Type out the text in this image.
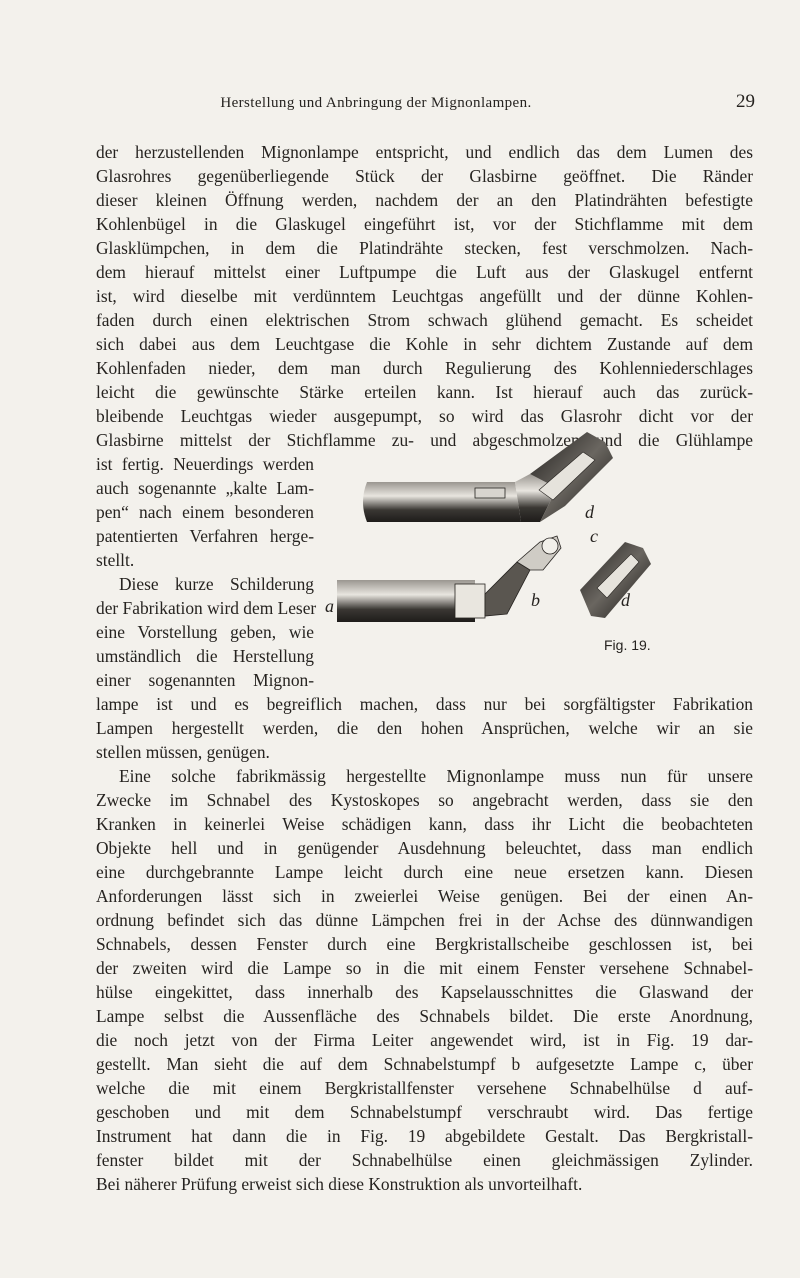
Herstellung und Anbringung der Mignonlampen.	29
der herzustellenden Mignonlampe entspricht, und endlich das dem Lumen des
Glasrohres gegenüberliegende Stück der Glasbirne geöffnet. Die Ränder
dieser kleinen Öffnung werden, nachdem der an den Platindrähten befestigte
Kohlenbügel in die Glaskugel eingeführt ist, vor der Stichflamme mit dem
Glasklümpchen, in dem die Platindrähte stecken, fest verschmolzen. Nach-
dem hierauf mittelst einer Luftpumpe die Luft aus der Glaskugel entfernt
ist, wird dieselbe mit verdünntem Leuchtgas angefüllt und der dünne Kohlen-
faden durch einen elektrischen Strom schwach glühend gemacht. Es scheidet
sich dabei aus dem Leuchtgase die Kohle in sehr dichtem Zustande auf dem
Kohlenfaden nieder, dem man durch Regulierung des Kohlenniederschlages
leicht die gewünschte Stärke erteilen kann. Ist hierauf auch das zurück-
bleibende Leuchtgas wieder ausgepumpt, so wird das Glasrohr dicht vor der
Glasbirne mittelst der Stichflamme zu- und abgeschmolzen und die Glühlampe
ist fertig. Neuerdings werden
auch sogenannte „kalte Lam-
pen“ nach einem besonderen
patentierten Verfahren herge-
stellt.
Diese kurze Schilderung
der Fabrikation wird dem Leser
eine Vorstellung geben, wie
umständlich die Herstellung
einer sogenannten Mignon-
lampe ist und es begreiflich machen, dass nur bei sorgfältigster Fabrikation
Lampen hergestellt werden, die den hohen Ansprüchen, welche wir an sie
stellen müssen, genügen.
Eine solche fabrikmässig hergestellte Mignonlampe muss nun für unsere
Zwecke im Schnabel des Kystoskopes so angebracht werden, dass sie den
Kranken in keinerlei Weise schädigen kann, dass ihr Licht die beobachteten
Objekte hell und in genügender Ausdehnung beleuchtet, dass man endlich
eine durchgebrannte Lampe leicht durch eine neue ersetzen kann. Diesen
Anforderungen lässt sich in zweierlei Weise genügen. Bei der einen An-
ordnung befindet sich das dünne Lämpchen frei in der Achse des dünnwandigen
Schnabels, dessen Fenster durch eine Bergkristallscheibe geschlossen ist, bei
der zweiten wird die Lampe so in die mit einem Fenster versehene Schnabel-
hülse eingekittet, dass innerhalb des Kapselausschnittes die Glaswand der
Lampe selbst die Aussenfläche des Schnabels bildet. Die erste Anordnung,
die noch jetzt von der Firma Leiter angewendet wird, ist in Fig. 19 dar-
gestellt. Man sieht die auf dem Schnabelstumpf b aufgesetzte Lampe c, über
welche die mit einem Bergkristallfenster versehene Schnabelhülse d auf-
geschoben und mit dem Schnabelstumpf verschraubt wird. Das fertige
Instrument hat dann die in Fig. 19 abgebildete Gestalt. Das Bergkristall-
fenster bildet mit der Schnabelhülse einen gleichmässigen Zylinder.
Bei näherer Prüfung erweist sich diese Konstruktion als unvorteilhaft.
d
c
a	b	d
Fig. 19.
